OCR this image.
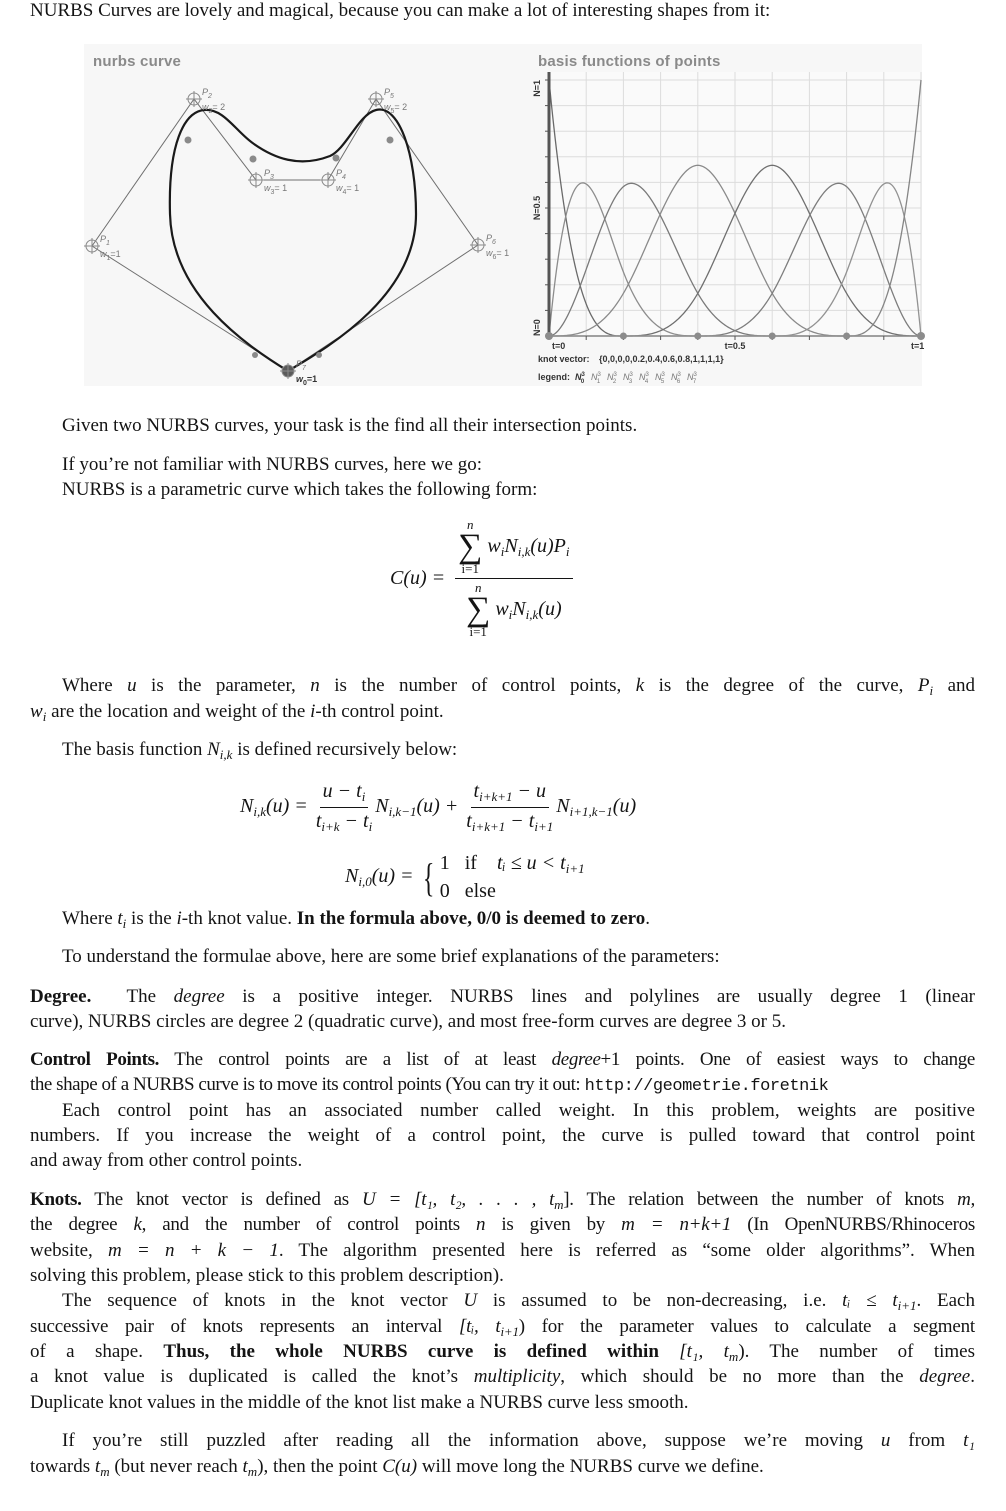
NURBS Curves are lovely and magical, because you can make a lot of interesting shapes from it:
nurbs curve	basis functions of points
$P_1$
$w_1=1$
$P_2$
$w_2= 2$
$P_3$
$w_3= 1$
$P_4$
$w_4= 1$
$P_5$
$w_5= 2$
$P_6$
$w_6= 1$
$P_7$
$w_0=1$
N=0
N=0.5
N=1
t=0	t=0.5	t=1
knot vector: {0,0,0,0,0.2,0.4,0.6,0.8,1,1,1,1}
legend: $N^3$ 0 $N^3$ 1 $N^3$ 2 $N^3$ 3 $N^3$ 4 $N^3$ 5 $N^3$ 6 $N^3$ 7
Given two NURBS curves, your task is the find all their intersection points.
If you’re not familiar with NURBS curves, here we go:
NURBS is a parametric curve which takes the following form:
C(u) = n
∑
i=1
$w_iN_{i,k}(u)P_i$
n
∑
i=1
$w_iN_{i,k}(u)$
Where u is the parameter, n is the number of control points, k is the degree of the curve, $P_i$ and
$w_i$ are the location and weight of the i-th control point.
The basis function $N_{i,k}$ is defined recursively below:
$N_{i,k}(u) = \frac{u - t_i}{t_{i+k} - t_i} N_{i,k-1}(u) + \frac{t_{i+k+1} - u}{t_{i+k+1} - t_{i+1}} N_{i+1,k-1}(u)$
$N_{i,0}(u)$ = { 1 if tᵢ ≤ $u < t_{i+1}$
0 else
Where $t_i$ is the i-th knot value. In the formula above, 0/0 is deemed to zero.
To understand the formulae above, here are some brief explanations of the parameters:
Degree. The degree is a positive integer. NURBS lines and polylines are usually degree 1 (linear
curve), NURBS circles are degree 2 (quadratic curve), and most free-form curves are degree 3 or 5.
Control Points. The control points are a list of at least degree+1 points. One of easiest ways to change
the shape of a NURBS curve is to move its control points (You can try it out: http://geometrie.foretnik
Each control point has an associated number called weight. In this problem, weights are positive
numbers. If you increase the weight of a control point, the curve is pulled toward that control point
and away from other control points.
Knots. The knot vector is defined as U = [t₁, t₂, . . . , $t_m$]. The relation between the number of knots m,
the degree k, and the number of control points n is given by m = n+k+1 (In OpenNURBS/Rhinoceros
website, m = n + k − 1. The algorithm presented here is referred as “some older algorithms”. When
solving this problem, please stick to this problem description).
The sequence of knots in the knot vector U is assumed to be non-decreasing, i.e. tᵢ ≤ $t_{i+1}$. Each
successive pair of knots represents an interval [tᵢ, $t_{i+1}$) for the parameter values to calculate a segment
of a shape. Thus, the whole NURBS curve is defined within [t₁, $t_m$). The number of times
a knot value is duplicated is called the knot’s multiplicity, which should be no more than the degree.
Duplicate knot values in the middle of the knot list make a NURBS curve less smooth.
If you’re still puzzled after reading all the information above, suppose we’re moving u from t₁
towards $t_m$ (but never reach $t_m$), then the point C(u) will move long the NURBS curve we define.
